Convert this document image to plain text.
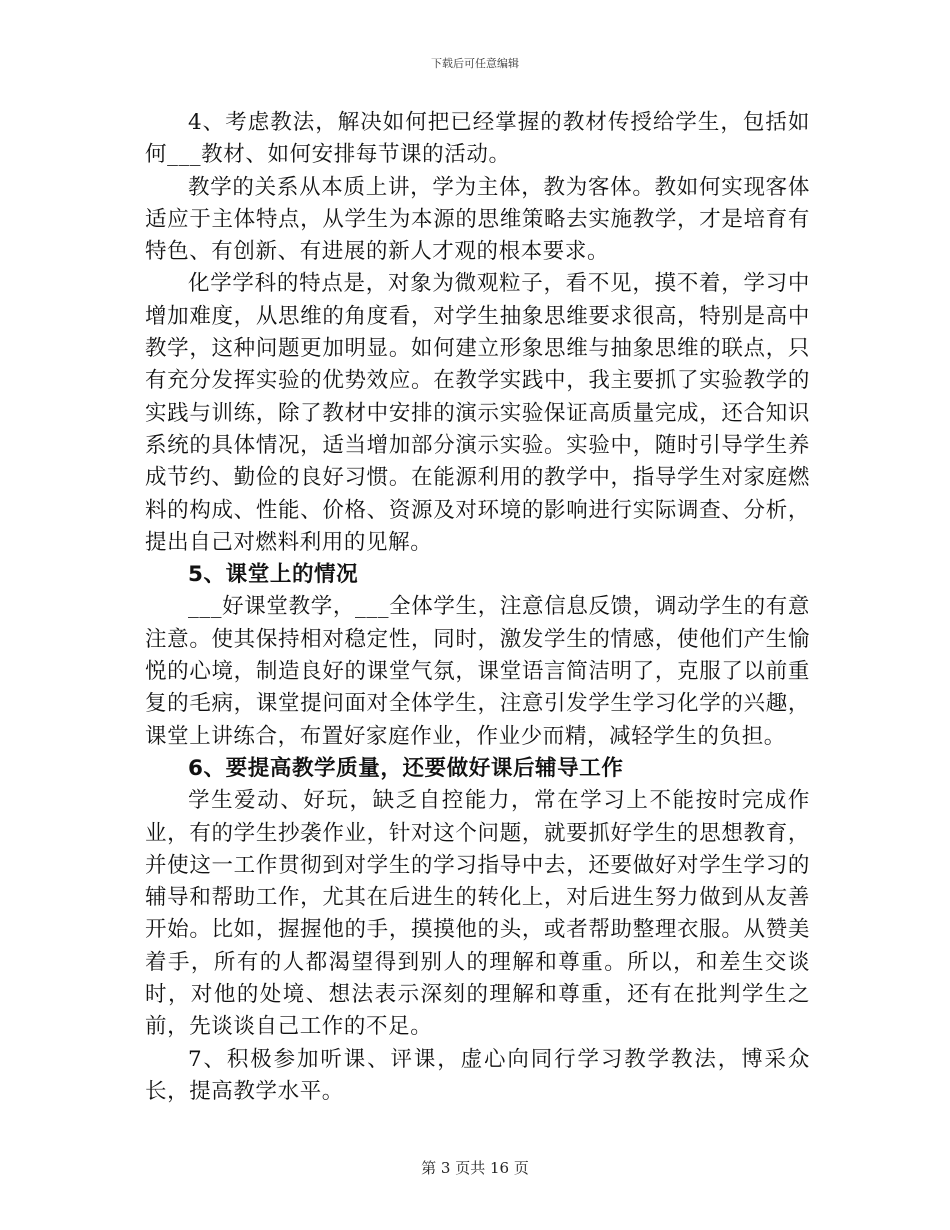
下载后可任意编辑

4、考虑教法，解决如何把已经掌握的教材传授给学生，包括如何___教材、如何安排每节课的活动。

教学的关系从本质上讲，学为主体，教为客体。教如何实现客体适应于主体特点，从学生为本源的思维策略去实施教学，才是培育有特色、有创新、有进展的新人才观的根本要求。

化学学科的特点是，对象为微观粒子，看不见，摸不着，学习中增加难度，从思维的角度看，对学生抽象思维要求很高，特别是高中教学，这种问题更加明显。如何建立形象思维与抽象思维的联点，只有充分发挥实验的优势效应。在教学实践中，我主要抓了实验教学的实践与训练，除了教材中安排的演示实验保证高质量完成，还合知识系统的具体情况，适当增加部分演示实验。实验中，随时引导学生养成节约、勤俭的良好习惯。在能源利用的教学中，指导学生对家庭燃料的构成、性能、价格、资源及对环境的影响进行实际调查、分析，提出自己对燃料利用的见解。

5、课堂上的情况

___好课堂教学，___全体学生，注意信息反馈，调动学生的有意注意。使其保持相对稳定性，同时，激发学生的情感，使他们产生愉悦的心境，制造良好的课堂气氛，课堂语言简洁明了，克服了以前重复的毛病，课堂提问面对全体学生，注意引发学生学习化学的兴趣，课堂上讲练合，布置好家庭作业，作业少而精，减轻学生的负担。

6、要提高教学质量，还要做好课后辅导工作

学生爱动、好玩，缺乏自控能力，常在学习上不能按时完成作业，有的学生抄袭作业，针对这个问题，就要抓好学生的思想教育，并使这一工作贯彻到对学生的学习指导中去，还要做好对学生学习的辅导和帮助工作，尤其在后进生的转化上，对后进生努力做到从友善开始。比如，握握他的手，摸摸他的头，或者帮助整理衣服。从赞美着手，所有的人都渴望得到别人的理解和尊重。所以，和差生交谈时，对他的处境、想法表示深刻的理解和尊重，还有在批判学生之前，先谈谈自己工作的不足。

7、积极参加听课、评课，虚心向同行学习教学教法，博采众长，提高教学水平。

第 3 页共 16 页
